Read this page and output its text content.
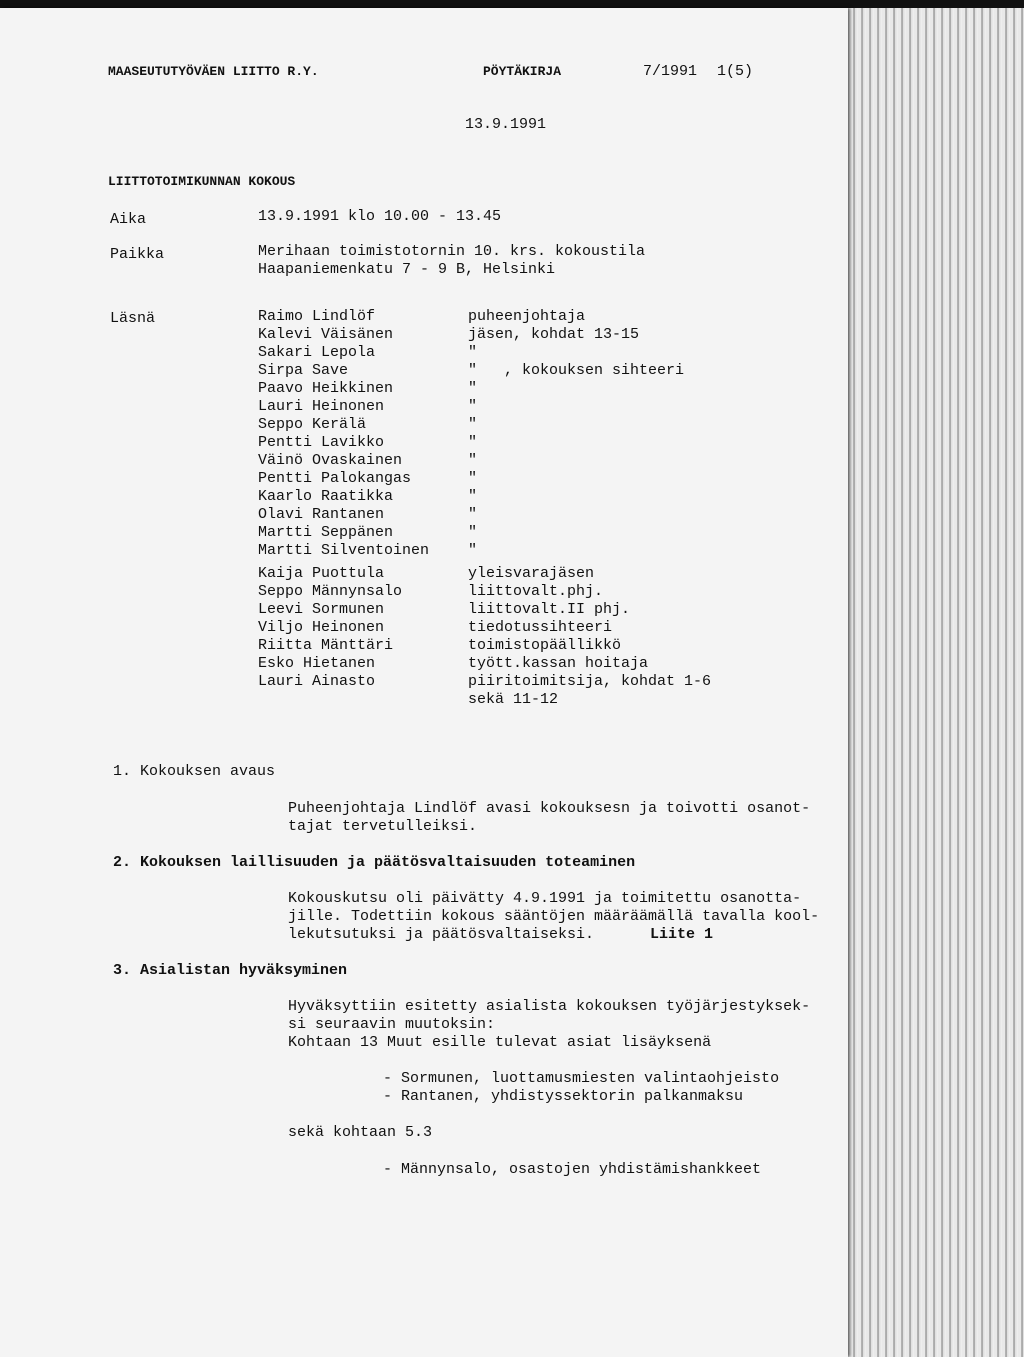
MAASEUTUTYÖVÄEN LIITTO R.Y.	PÖYTÄKIRJA	7/1991 1(5)
13.9.1991
LIITTOTOIMIKUNNAN KOKOUS
Aika	13.9.1991 klo 10.00 - 13.45
Paikka	Merihaan toimistotornin 10. krs. kokoustila
Haapaniemenkatu 7 - 9 B, Helsinki
Läsnä	Raimo Lindlöf	puheenjohtaja
Kalevi Väisänen	jäsen, kohdat 13-15
Sakari Lepola	"
Sirpa Save	"   , kokouksen sihteeri
Paavo Heikkinen	"
Lauri Heinonen	"
Seppo Kerälä	"
Pentti Lavikko	"
Väinö Ovaskainen	"
Pentti Palokangas	"
Kaarlo Raatikka	"
Olavi Rantanen	"
Martti Seppänen	"
Martti Silventoinen	"
Kaija Puottula	yleisvarajäsen
Seppo Männynsalo	liittovalt.phj.
Leevi Sormunen	liittovalt.II phj.
Viljo Heinonen	tiedotussihteeri
Riitta Mänttäri	toimistopäällikkö
Esko Hietanen	tyött.kassan hoitaja
Lauri Ainasto	piiritoimitsija, kohdat 1-6
sekä 11-12
1. Kokouksen avaus
Puheenjohtaja Lindlöf avasi kokouksesn ja toivotti osanot-
tajat tervetulleiksi.
2. Kokouksen laillisuuden ja päätösvaltaisuuden toteaminen
Kokouskutsu oli päivätty 4.9.1991 ja toimitettu osanotta-
jille. Todettiin kokous sääntöjen määräämällä tavalla kool-
lekutsutuksi ja päätösvaltaiseksi.	Liite 1
3. Asialistan hyväksyminen
Hyväksyttiin esitetty asialista kokouksen työjärjestyksek-
si seuraavin muutoksin:
Kohtaan 13 Muut esille tulevat asiat lisäyksenä
- Sormunen, luottamusmiesten valintaohjeisto
- Rantanen, yhdistyssektorin palkanmaksu
sekä kohtaan 5.3
- Männynsalo, osastojen yhdistämishankkeet
